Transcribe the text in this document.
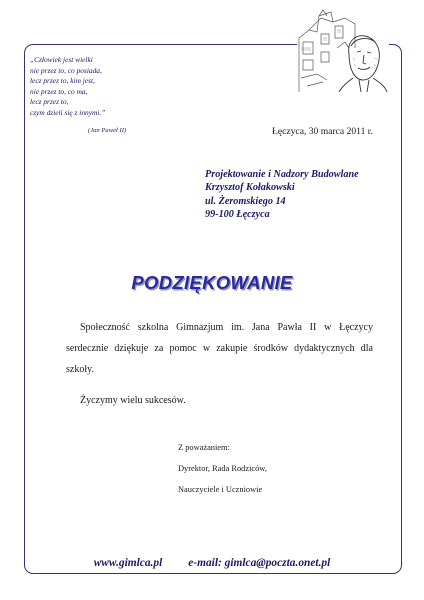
„Człowiek jest wielki
nie przez to, co posiada,
lecz przez to, kim jest,
nie przez to, co ma,
lecz przez to,
czym dzieli się z innymi.”
(Jan Paweł II)	Łęczyca, 30 marca 2011 r.
Projektowanie i Nadzory Budowlane
Krzysztof Kołakowski
ul. Żeromskiego 14
99-100 Łęczyca
PODZIĘKOWANIE

Społeczność szkolna Gimnazjum im. Jana Pawła II w Łęczycy serdecznie dziękuje za pomoc w zakupie środków dydaktycznych dla szkoły.

Życzymy wielu sukcesów.

Z poważaniem:
Dyrektor, Rada Rodziców,
Nauczyciele i Uczniowie
www.gimlca.pl e-mail: gimlca@poczta.onet.pl
